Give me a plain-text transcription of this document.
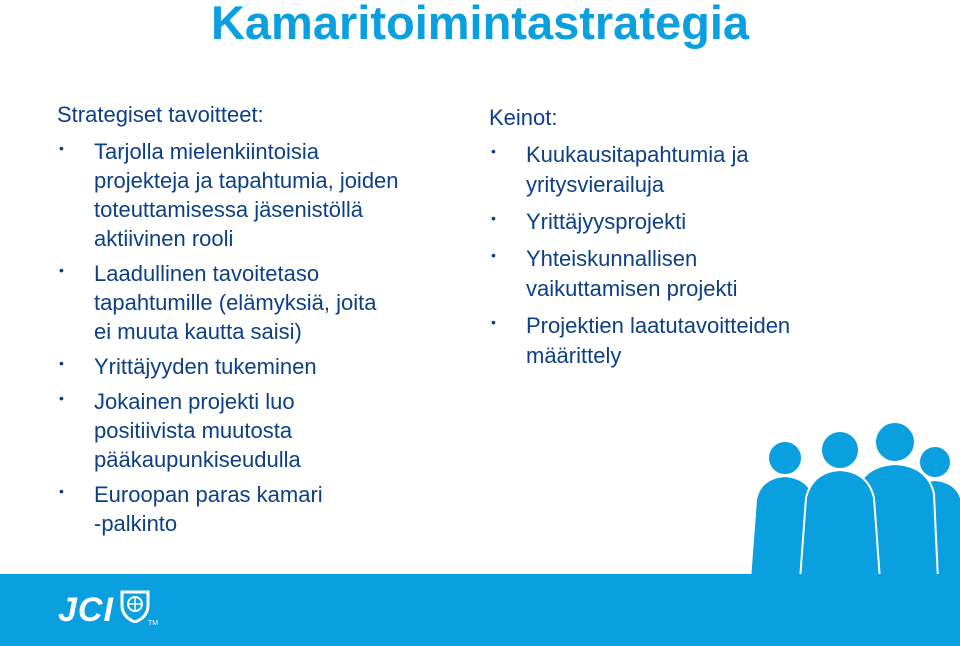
Kamaritoimintastrategia
Strategiset tavoitteet:
• Tarjolla mielenkiintoisia
projekteja ja tapahtumia, joiden
toteuttamisessa jäsenistöllä
aktiivinen rooli
• Laadullinen tavoitetaso
tapahtumille (elämyksiä, joita
ei muuta kautta saisi)
• Yrittäjyyden tukeminen
• Jokainen projekti luo
positiivista muutosta
pääkaupunkiseudulla
• Euroopan paras kamari
-palkinto
Keinot:
• Kuukausitapahtumia ja
yritysvierailuja
• Yrittäjyysprojekti
• Yhteiskunnallisen
vaikuttamisen projekti
• Projektien laatutavoitteiden
määrittely
JCI	TM
